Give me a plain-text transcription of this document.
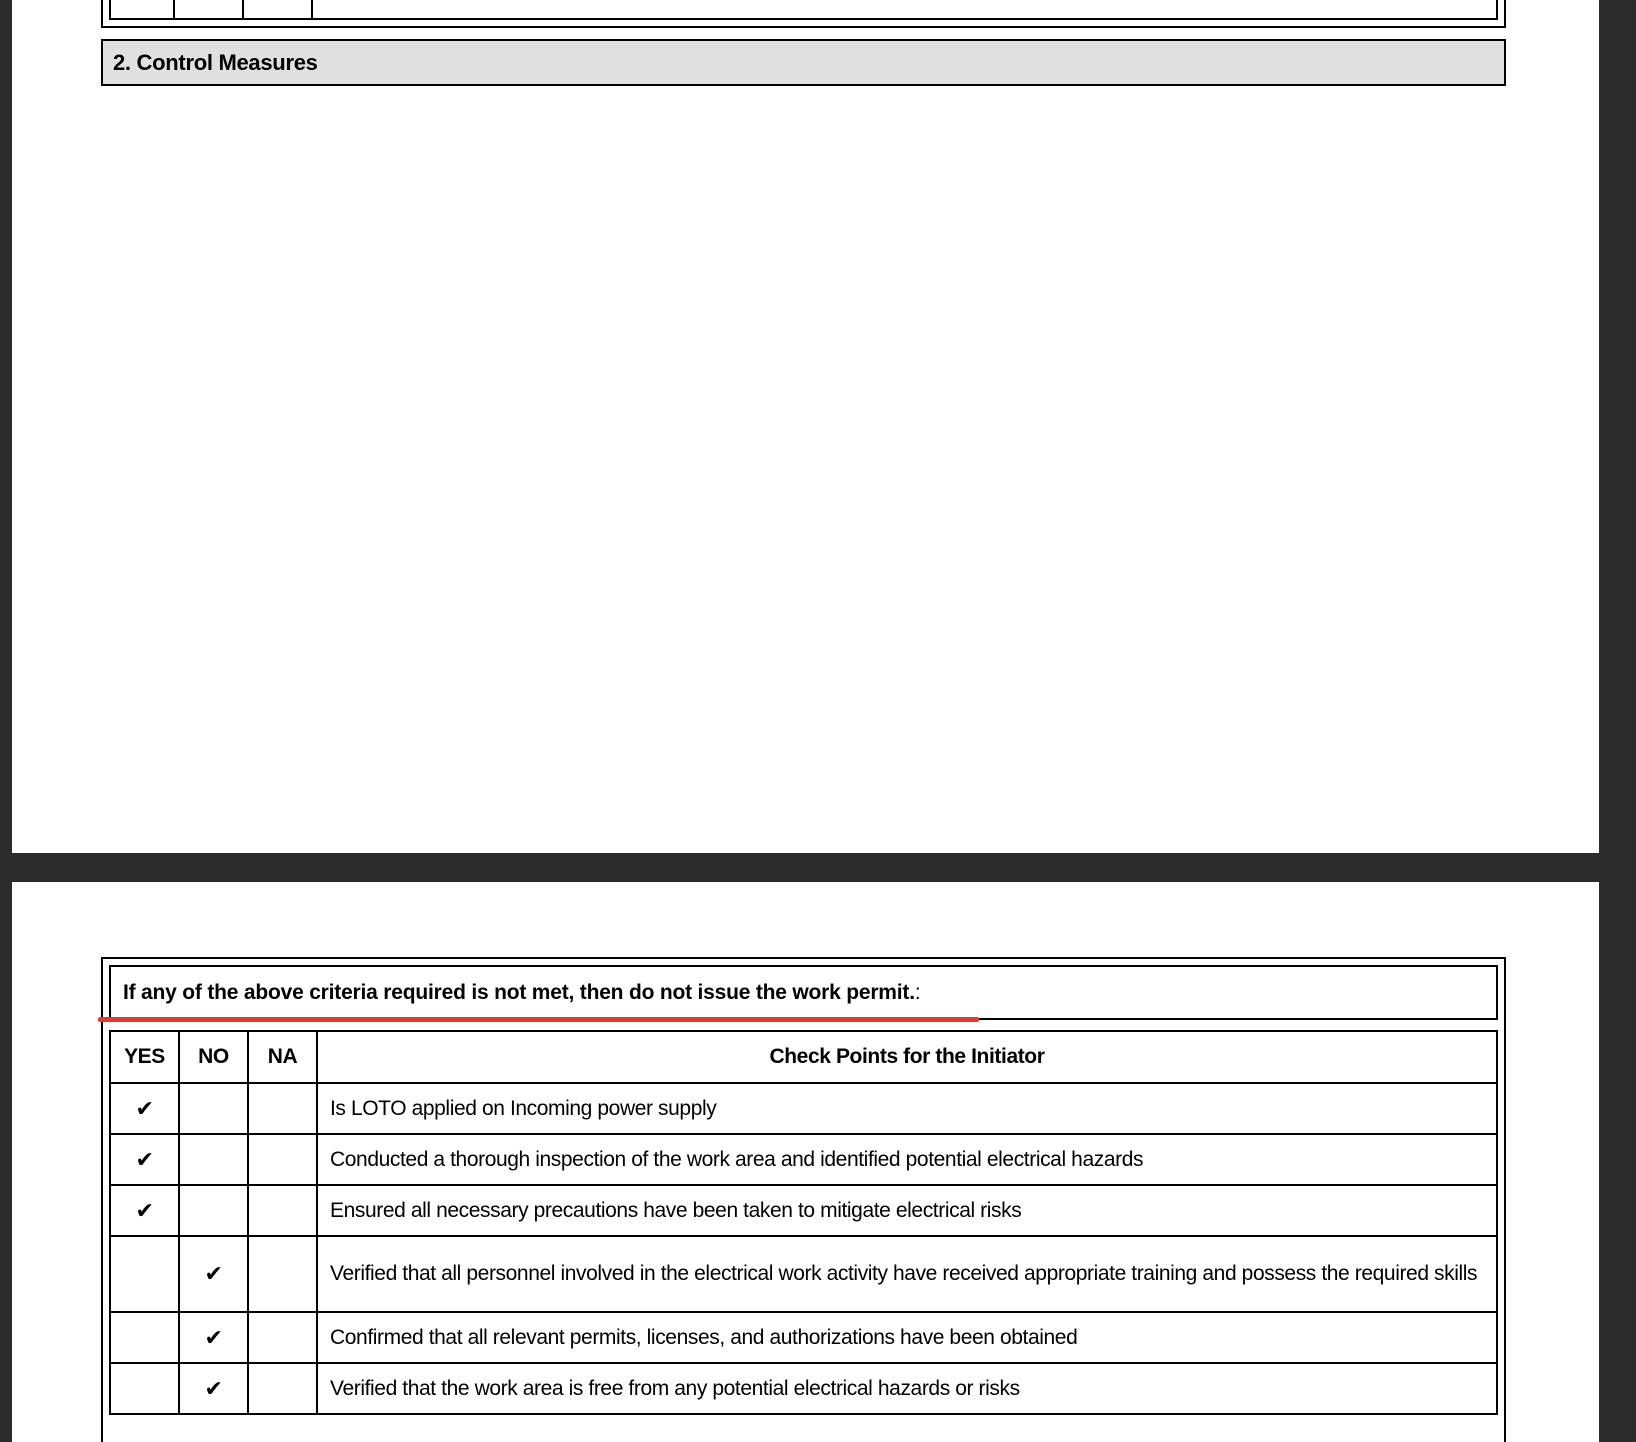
2. Control Measures
If any of the above criteria required is not met, then do not issue the work permit.:
YES	NO	NA	Check Points for the Initiator
✔			Is LOTO applied on Incoming power supply
✔			Conducted a thorough inspection of the work area and identified potential electrical hazards
✔			Ensured all necessary precautions have been taken to mitigate electrical risks
	✔		Verified that all personnel involved in the electrical work activity have received appropriate training and possess the required skills
	✔		Confirmed that all relevant permits, licenses, and authorizations have been obtained
	✔		Verified that the work area is free from any potential electrical hazards or risks
